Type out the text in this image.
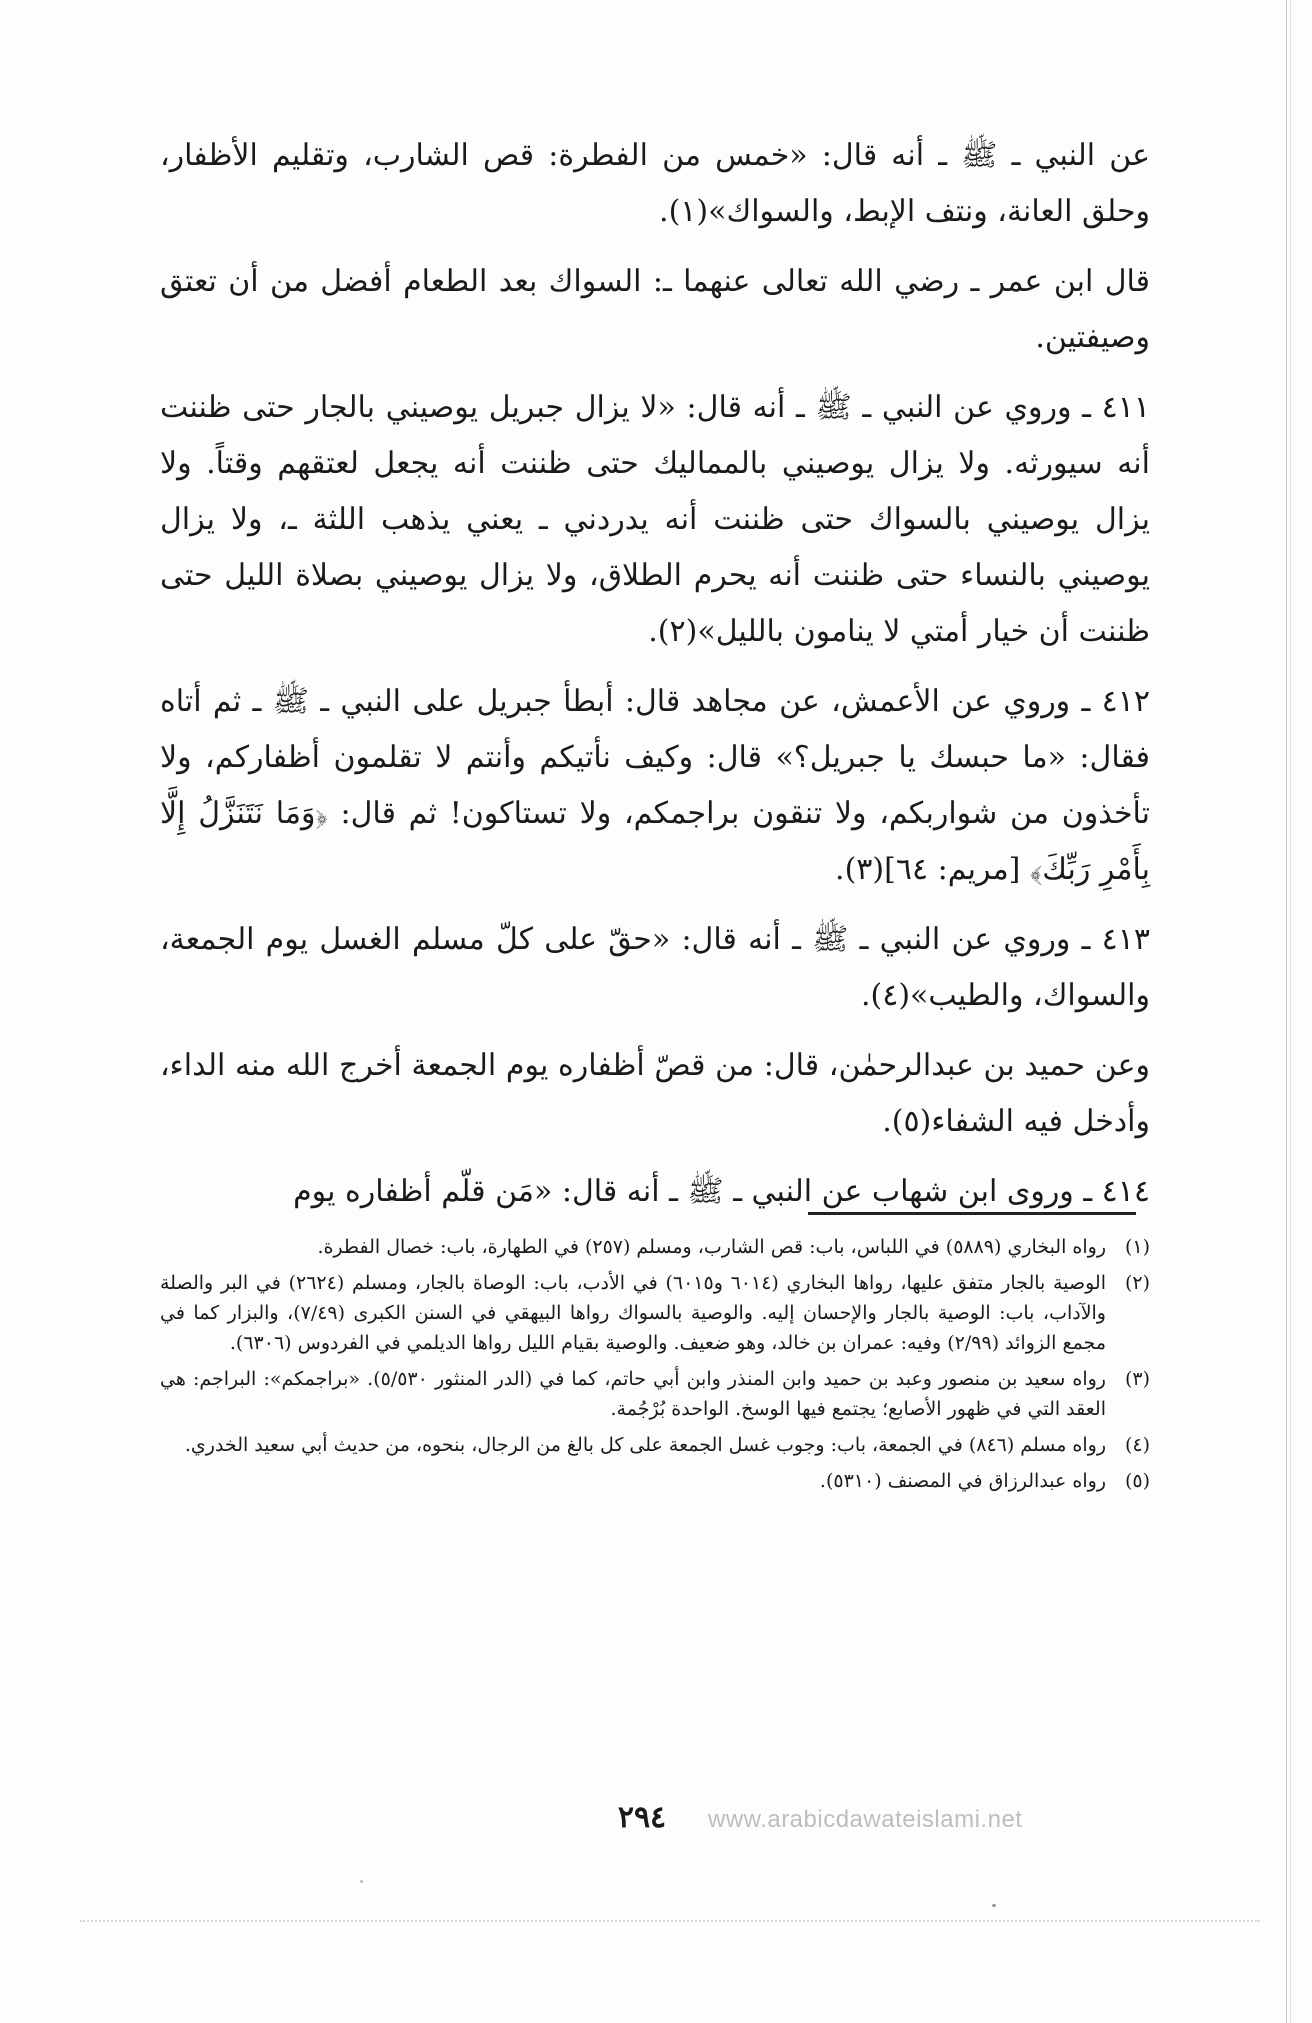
عن النبي ـ ﷺ ـ أنه قال: «خمس من الفطرة: قص الشارب، وتقليم الأظفار، وحلق العانة، ونتف الإبط، والسواك»(١).

قال ابن عمر ـ رضي الله تعالى عنهما ـ: السواك بعد الطعام أفضل من أن تعتق وصيفتين.

٤١١ ـ وروي عن النبي ـ ﷺ ـ أنه قال: «لا يزال جبريل يوصيني بالجار حتى ظننت أنه سيورثه. ولا يزال يوصيني بالمماليك حتى ظننت أنه يجعل لعتقهم وقتاً. ولا يزال يوصيني بالسواك حتى ظننت أنه يدردني ـ يعني يذهب اللثة ـ، ولا يزال يوصيني بالنساء حتى ظننت أنه يحرم الطلاق، ولا يزال يوصيني بصلاة الليل حتى ظننت أن خيار أمتي لا ينامون بالليل»(٢).

٤١٢ ـ وروي عن الأعمش، عن مجاهد قال: أبطأ جبريل على النبي ـ ﷺ ـ ثم أتاه فقال: «ما حبسك يا جبريل؟» قال: وكيف نأتيكم وأنتم لا تقلمون أظفاركم، ولا تأخذون من شواربكم، ولا تنقون براجمكم، ولا تستاكون! ثم قال: ﴿وَمَا نَتَنَزَّلُ إِلَّا بِأَمْرِ رَبِّكَ﴾ [مريم: ٦٤](٣).

٤١٣ ـ وروي عن النبي ـ ﷺ ـ أنه قال: «حقّ على كلّ مسلم الغسل يوم الجمعة، والسواك، والطيب»(٤).

وعن حميد بن عبدالرحمٰن، قال: من قصّ أظفاره يوم الجمعة أخرج الله منه الداء، وأدخل فيه الشفاء(٥).

٤١٤ ـ وروى ابن شهاب عن النبي ـ ﷺ ـ أنه قال: «مَن قلّم أظفاره يوم

(١)
رواه البخاري (٥٨٨٩) في اللباس، باب: قص الشارب، ومسلم (٢٥٧) في الطهارة، باب: خصال الفطرة.
(٢)
الوصية بالجار متفق عليها، رواها البخاري (٦٠١٤ و٦٠١٥) في الأدب، باب: الوصاة بالجار، ومسلم (٢٦٢٤) في البر والصلة والآداب، باب: الوصية بالجار والإحسان إليه. والوصية بالسواك رواها البيهقي في السنن الكبرى (٧/٤٩)، والبزار كما في مجمع الزوائد (٢/٩٩) وفيه: عمران بن خالد، وهو ضعيف. والوصية بقيام الليل رواها الديلمي في الفردوس (٦٣٠٦).
(٣)
رواه سعيد بن منصور وعبد بن حميد وابن المنذر وابن أبي حاتم، كما في (الدر المنثور ٥/٥٣٠). «براجمكم»: البراجم: هي العقد التي في ظهور الأصابع؛ يجتمع فيها الوسخ. الواحدة بُرْجُمة.
(٤)
رواه مسلم (٨٤٦) في الجمعة، باب: وجوب غسل الجمعة على كل بالغ من الرجال، بنحوه، من حديث أبي سعيد الخدري.
(٥)
رواه عبدالرزاق في المصنف (٥٣١٠).
٢٩٤	www.arabicdawateislami.net
